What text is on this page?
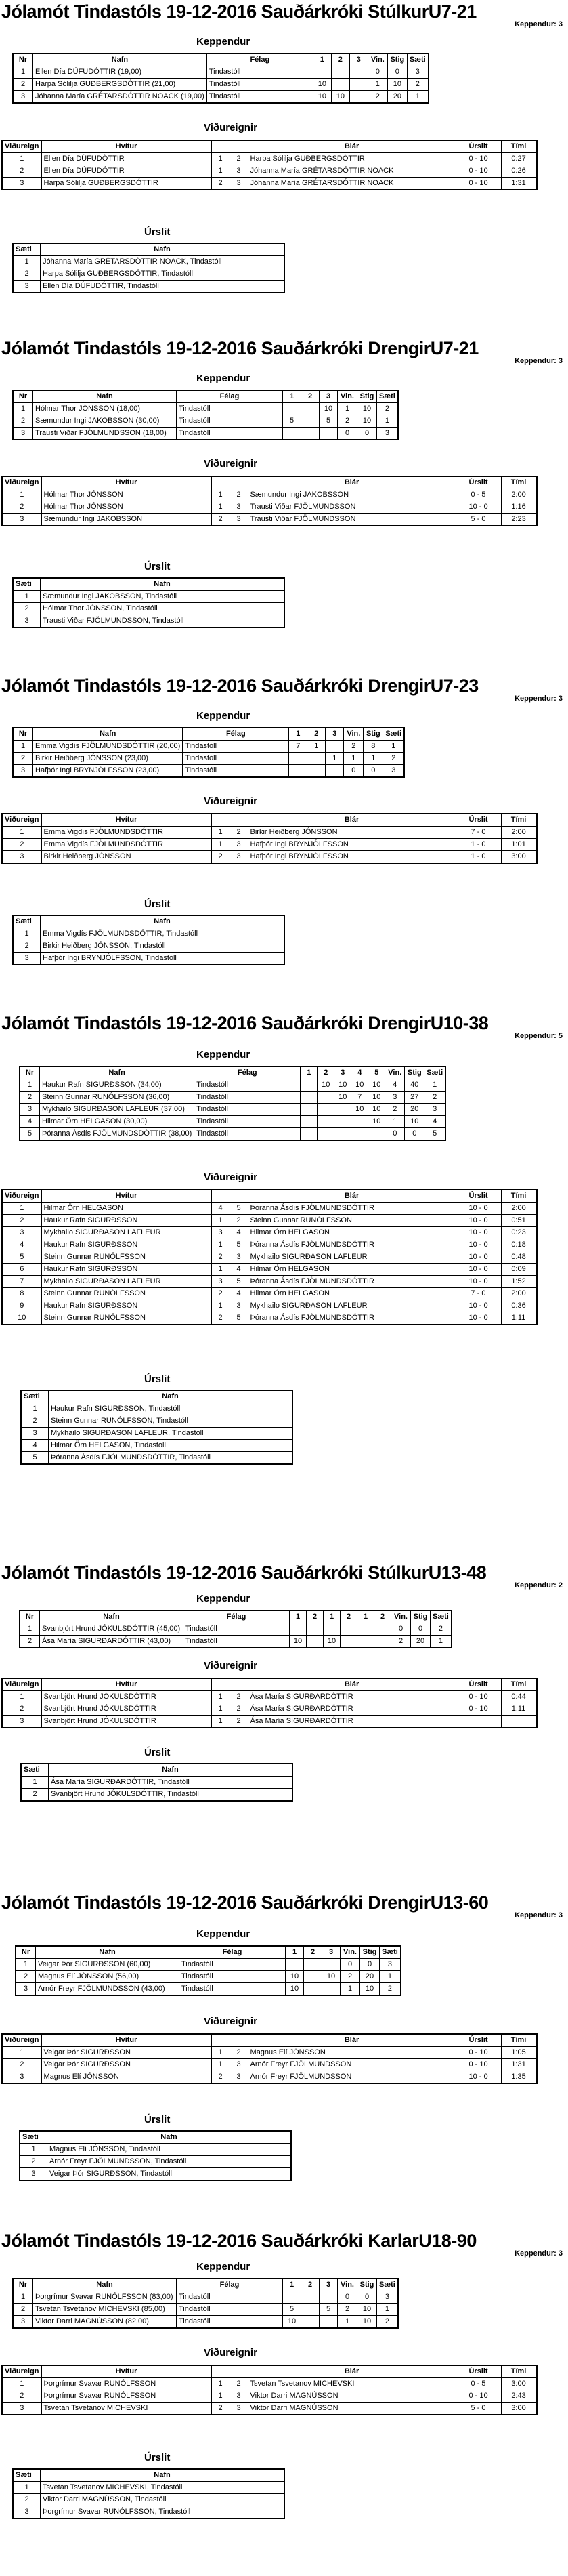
Jólamót Tindastóls 19-12-2016 Sauðárkróki StúlkurU7-21
Keppendur: 3
Keppendur
Nr	Nafn	Félag	1	2	3	Vin.	Stig	Sæti
1	Ellen Día DÚFUDÓTTIR (19,00)	Tindastóll				0	0	3
2	Harpa Sólilja GUÐBERGSDÓTTIR (21,00)	Tindastóll	10			1	10	2
3	Jóhanna María GRÉTARSDÓTTIR NOACK (19,00)	Tindastóll	10	10		2	20	1
Viðureignir
Viðureign	Hvítur			Blár	Úrslit	Tími
1	Ellen Día DÚFUDÓTTIR	1	2	Harpa Sólilja GUÐBERGSDÓTTIR	0 - 10	0:27
2	Ellen Día DÚFUDÓTTIR	1	3	Jóhanna María GRÉTARSDÓTTIR NOACK	0 - 10	0:26
3	Harpa Sólilja GUÐBERGSDÓTTIR	2	3	Jóhanna María GRÉTARSDÓTTIR NOACK	0 - 10	1:31
Úrslit
Sæti	Nafn
1	Jóhanna María GRÉTARSDÓTTIR NOACK, Tindastóll
2	Harpa Sólilja GUÐBERGSDÓTTIR, Tindastóll
3	Ellen Día DÚFUDÓTTIR, Tindastóll
Jólamót Tindastóls 19-12-2016 Sauðárkróki DrengirU7-21
Keppendur: 3
Keppendur
Nr	Nafn	Félag	1	2	3	Vin.	Stig	Sæti
1	Hólmar Thor JÓNSSON (18,00)	Tindastóll			10	1	10	2
2	Sæmundur Ingi JAKOBSSON (30,00)	Tindastóll	5		5	2	10	1
3	Trausti Viðar FJÖLMUNDSSON (18,00)	Tindastóll				0	0	3
Viðureignir
Viðureign	Hvítur			Blár	Úrslit	Tími
1	Hólmar Thor JÓNSSON	1	2	Sæmundur Ingi JAKOBSSON	0 - 5	2:00
2	Hólmar Thor JÓNSSON	1	3	Trausti Viðar FJÖLMUNDSSON	10 - 0	1:16
3	Sæmundur Ingi JAKOBSSON	2	3	Trausti Viðar FJÖLMUNDSSON	5 - 0	2:23
Úrslit
Sæti	Nafn
1	Sæmundur Ingi JAKOBSSON, Tindastóll
2	Hólmar Thor JÓNSSON, Tindastóll
3	Trausti Viðar FJÖLMUNDSSON, Tindastóll
Jólamót Tindastóls 19-12-2016 Sauðárkróki DrengirU7-23
Keppendur: 3
Keppendur
Nr	Nafn	Félag	1	2	3	Vin.	Stig	Sæti
1	Emma Vigdís FJÖLMUNDSDÓTTIR (20,00)	Tindastóll	7	1		2	8	1
2	Birkir Heiðberg JÓNSSON (23,00)	Tindastóll			1	1	1	2
3	Hafþór Ingi BRYNJÓLFSSON (23,00)	Tindastóll				0	0	3
Viðureignir
Viðureign	Hvítur			Blár	Úrslit	Tími
1	Emma Vigdís FJÖLMUNDSDÓTTIR	1	2	Birkir Heiðberg JÓNSSON	7 - 0	2:00
2	Emma Vigdís FJÖLMUNDSDÓTTIR	1	3	Hafþór Ingi BRYNJÓLFSSON	1 - 0	1:01
3	Birkir Heiðberg JÓNSSON	2	3	Hafþór Ingi BRYNJÓLFSSON	1 - 0	3:00
Úrslit
Sæti	Nafn
1	Emma Vigdís FJÖLMUNDSDÓTTIR, Tindastóll
2	Birkir Heiðberg JÓNSSON, Tindastóll
3	Hafþór Ingi BRYNJÓLFSSON, Tindastóll
Jólamót Tindastóls 19-12-2016 Sauðárkróki DrengirU10-38
Keppendur: 5
Keppendur
Nr	Nafn	Félag	1	2	3	4	5	Vin.	Stig	Sæti
1	Haukur Rafn SIGURÐSSON (34,00)	Tindastóll		10	10	10	10	4	40	1
2	Steinn Gunnar RUNÓLFSSON (36,00)	Tindastóll			10	7	10	3	27	2
3	Mykhailo SIGURÐASON LAFLEUR (37,00)	Tindastóll				10	10	2	20	3
4	Hilmar Örn HELGASON (30,00)	Tindastóll					10	1	10	4
5	Þóranna Ásdís FJÖLMUNDSDÓTTIR (38,00)	Tindastóll						0	0	5
Viðureignir
Viðureign	Hvítur			Blár	Úrslit	Tími
1	Hilmar Örn HELGASON	4	5	Þóranna Ásdís FJÖLMUNDSDÓTTIR	10 - 0	2:00
2	Haukur Rafn SIGURÐSSON	1	2	Steinn Gunnar RUNÓLFSSON	10 - 0	0:51
3	Mykhailo SIGURÐASON LAFLEUR	3	4	Hilmar Örn HELGASON	10 - 0	0:23
4	Haukur Rafn SIGURÐSSON	1	5	Þóranna Ásdís FJÖLMUNDSDÓTTIR	10 - 0	0:18
5	Steinn Gunnar RUNÓLFSSON	2	3	Mykhailo SIGURÐASON LAFLEUR	10 - 0	0:48
6	Haukur Rafn SIGURÐSSON	1	4	Hilmar Örn HELGASON	10 - 0	0:09
7	Mykhailo SIGURÐASON LAFLEUR	3	5	Þóranna Ásdís FJÖLMUNDSDÓTTIR	10 - 0	1:52
8	Steinn Gunnar RUNÓLFSSON	2	4	Hilmar Örn HELGASON	7 - 0	2:00
9	Haukur Rafn SIGURÐSSON	1	3	Mykhailo SIGURÐASON LAFLEUR	10 - 0	0:36
10	Steinn Gunnar RUNÓLFSSON	2	5	Þóranna Ásdís FJÖLMUNDSDÓTTIR	10 - 0	1:11
Úrslit
Sæti	Nafn
1	Haukur Rafn SIGURÐSSON, Tindastóll
2	Steinn Gunnar RUNÓLFSSON, Tindastóll
3	Mykhailo SIGURÐASON LAFLEUR, Tindastóll
4	Hilmar Örn HELGASON, Tindastóll
5	Þóranna Ásdís FJÖLMUNDSDÓTTIR, Tindastóll
Jólamót Tindastóls 19-12-2016 Sauðárkróki StúlkurU13-48
Keppendur: 2
Keppendur
Nr	Nafn	Félag	1	2	1	2	1	2	Vin.	Stig	Sæti
1	Svanbjört Hrund JÓKULSDÓTTIR (45,00)	Tindastóll							0	0	2
2	Ása María SIGURÐARDÓTTIR (43,00)	Tindastóll	10		10				2	20	1
Viðureignir
Viðureign	Hvítur			Blár	Úrslit	Tími
1	Svanbjört Hrund JÓKULSDÓTTIR	1	2	Ása María SIGURÐARDÓTTIR	0 - 10	0:44
2	Svanbjört Hrund JÓKULSDÓTTIR	1	2	Ása María SIGURÐARDÓTTIR	0 - 10	1:11
3	Svanbjört Hrund JÓKULSDÓTTIR	1	2	Ása María SIGURÐARDÓTTIR		
Úrslit
Sæti	Nafn
1	Ása María SIGURÐARDÓTTIR, Tindastóll
2	Svanbjört Hrund JÓKULSDÓTTIR, Tindastóll
Jólamót Tindastóls 19-12-2016 Sauðárkróki DrengirU13-60
Keppendur: 3
Keppendur
Nr	Nafn	Félag	1	2	3	Vin.	Stig	Sæti
1	Veigar Þór SIGURÐSSON (60,00)	Tindastóll				0	0	3
2	Magnus Elí JÓNSSON (56,00)	Tindastóll	10		10	2	20	1
3	Arnór Freyr FJÖLMUNDSSON (43,00)	Tindastóll	10			1	10	2
Viðureignir
Viðureign	Hvítur			Blár	Úrslit	Tími
1	Veigar Þór SIGURÐSSON	1	2	Magnus Elí JÓNSSON	0 - 10	1:05
2	Veigar Þór SIGURÐSSON	1	3	Arnór Freyr FJÖLMUNDSSON	0 - 10	1:31
3	Magnus Elí JÓNSSON	2	3	Arnór Freyr FJÖLMUNDSSON	10 - 0	1:35
Úrslit
Sæti	Nafn
1	Magnus Elí JÓNSSON, Tindastóll
2	Arnór Freyr FJÖLMUNDSSON, Tindastóll
3	Veigar Þór SIGURÐSSON, Tindastóll
Jólamót Tindastóls 19-12-2016 Sauðárkróki KarlarU18-90
Keppendur: 3
Keppendur
Nr	Nafn	Félag	1	2	3	Vin.	Stig	Sæti
1	Þorgrímur Svavar RUNÓLFSSON (83,00)	Tindastóll				0	0	3
2	Tsvetan Tsvetanov MICHEVSKI (85,00)	Tindastóll	5		5	2	10	1
3	Viktor Darri MAGNÚSSON (82,00)	Tindastóll	10			1	10	2
Viðureignir
Viðureign	Hvítur			Blár	Úrslit	Tími
1	Þorgrímur Svavar RUNÓLFSSON	1	2	Tsvetan Tsvetanov MICHEVSKI	0 - 5	3:00
2	Þorgrímur Svavar RUNÓLFSSON	1	3	Viktor Darri MAGNÚSSON	0 - 10	2:43
3	Tsvetan Tsvetanov MICHEVSKI	2	3	Viktor Darri MAGNÚSSON	5 - 0	3:00
Úrslit
Sæti	Nafn
1	Tsvetan Tsvetanov MICHEVSKI, Tindastóll
2	Viktor Darri MAGNÚSSON, Tindastóll
3	Þorgrímur Svavar RUNÓLFSSON, Tindastóll
